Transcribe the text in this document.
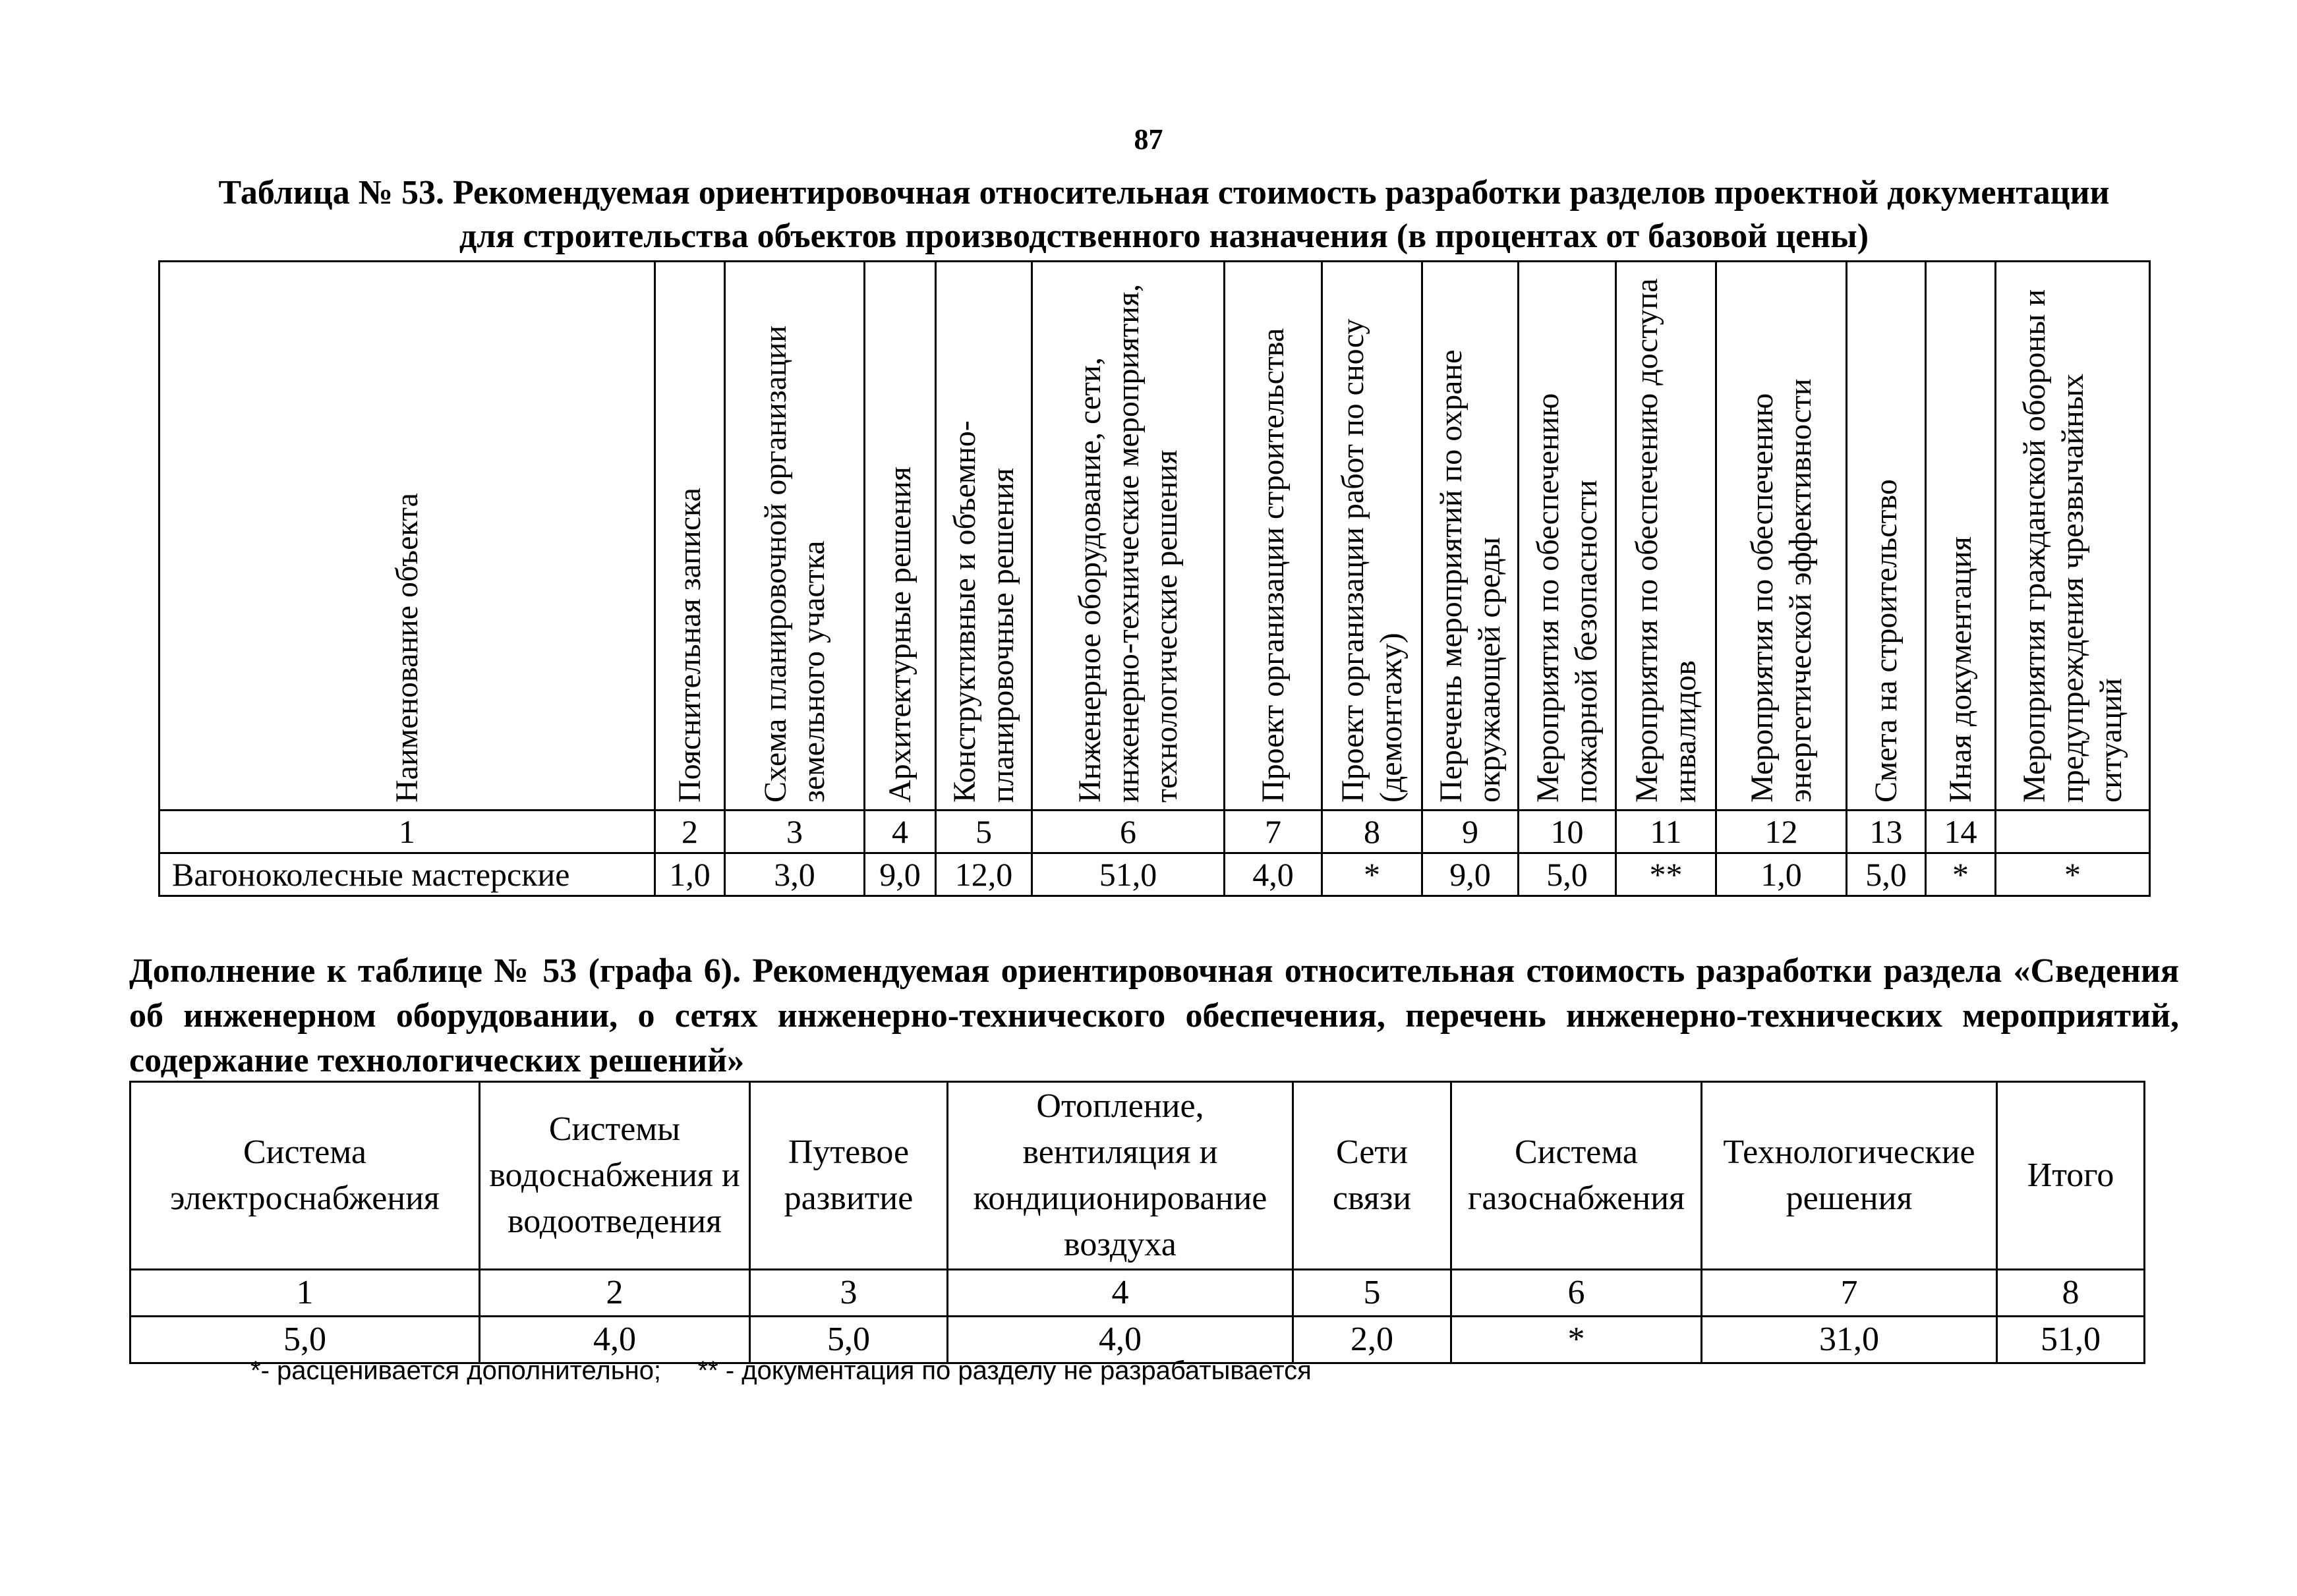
87
Таблица № 53. Рекомендуемая ориентировочная относительная стоимость разработки разделов проектной документации для строительства объектов производственного назначения (в процентах от базовой цены)
Наименование объекта	Пояснительная записка	Схема планировочной организации земельного участка	Архитектурные решения	Конструктивные и объемно-планировочные решения	Инженерное оборудование, сети, инженерно-технические мероприятия, технологические решения	Проект организации строительства	Проект организации работ по сносу (демонтажу)	Перечень мероприятий по охране окружающей среды	Мероприятия по обеспечению пожарной безопасности	Мероприятия по обеспечению доступа инвалидов	Мероприятия по обеспечению энергетической эффективности	Смета на строительство	Иная документация	Мероприятия гражданской обороны и предупреждения чрезвычайных ситуаций

1	2	3	4	5	6	7	8	9	10	11	12	13	14	
Вагоноколесные мастерские	1,0	3,0	9,0	12,0	51,0	4,0	*	9,0	5,0	**	1,0	5,0	*	*
Дополнение к таблице № 53 (графа 6). Рекомендуемая ориентировочная относительная стоимость разработки раздела «Сведения об инженерном оборудовании, о сетях инженерно-технического обеспечения, перечень инженерно-технических мероприятий, содержание технологических решений»
Система электроснабжения	Системы водоснабжения и водоотведения	Путевое развитие	Отопление, вентиляция и кондиционирование воздуха	Сети связи	Система газоснабжения	Технологические решения	Итого
1	2	3	4	5	6	7	8
5,0	4,0	5,0	4,0	2,0	*	31,0	51,0
*- расценивается дополнительно;     ** - документация по разделу не разрабатывается
